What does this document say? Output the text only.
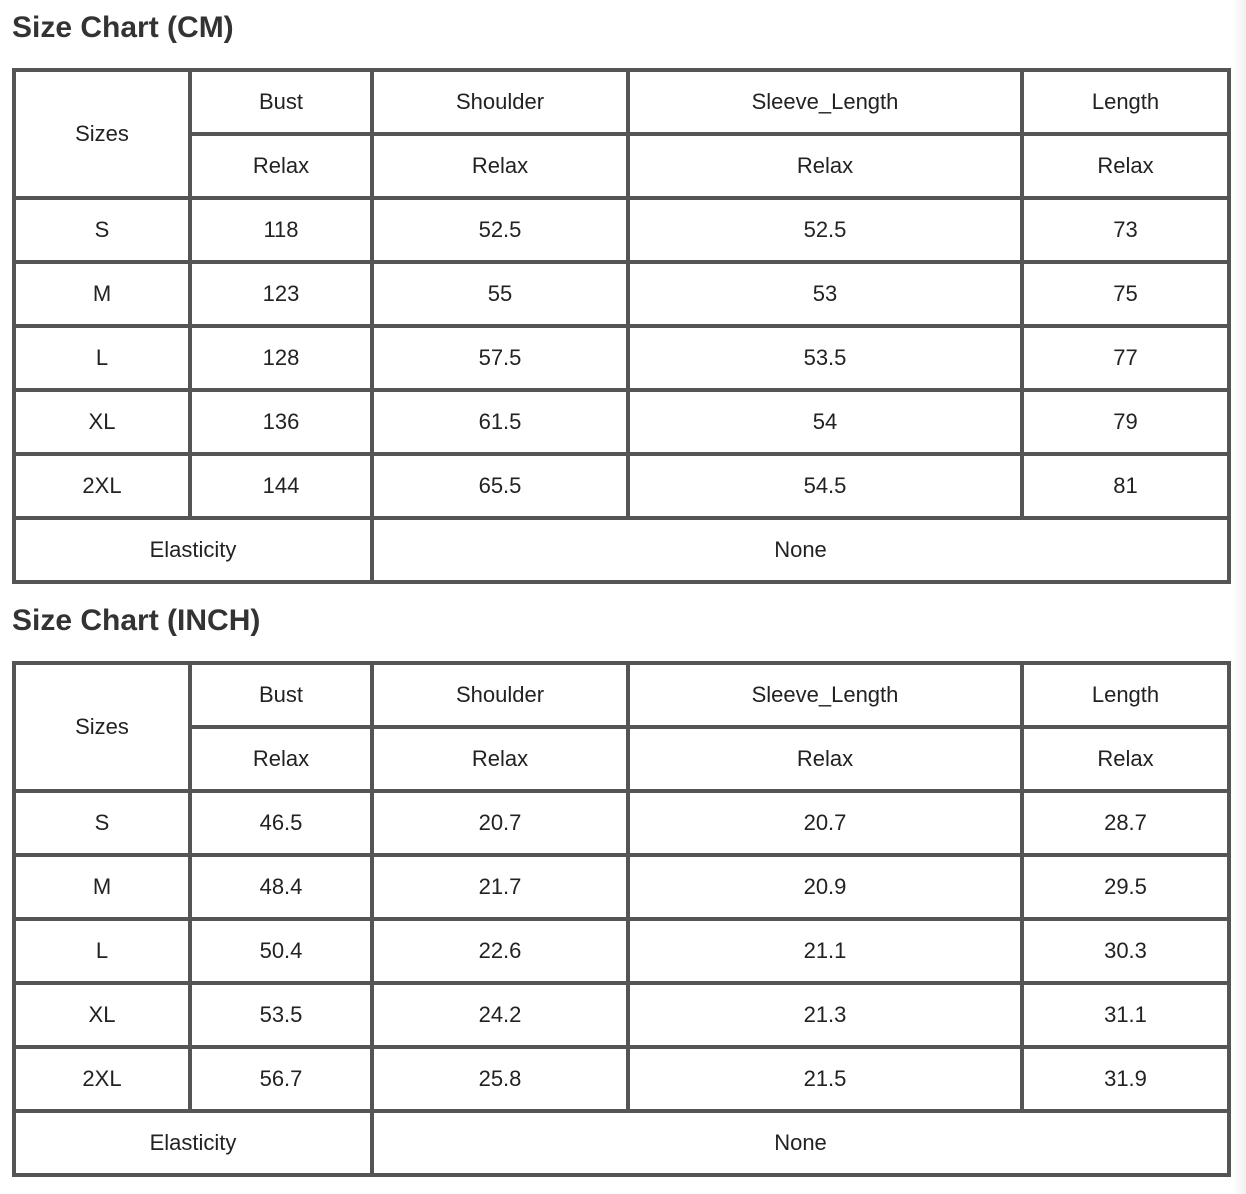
Size Chart (CM)
Sizes	Bust	Shoulder	Sleeve_Length	Length
	Relax	Relax	Relax	Relax
S	118	52.5	52.5	73
M	123	55	53	75
L	128	57.5	53.5	77
XL	136	61.5	54	79
2XL	144	65.5	54.5	81
Elasticity		None		
Size Chart (INCH)
Sizes	Bust	Shoulder	Sleeve_Length	Length
	Relax	Relax	Relax	Relax
S	46.5	20.7	20.7	28.7
M	48.4	21.7	20.9	29.5
L	50.4	22.6	21.1	30.3
XL	53.5	24.2	21.3	31.1
2XL	56.7	25.8	21.5	31.9
Elasticity		None		
